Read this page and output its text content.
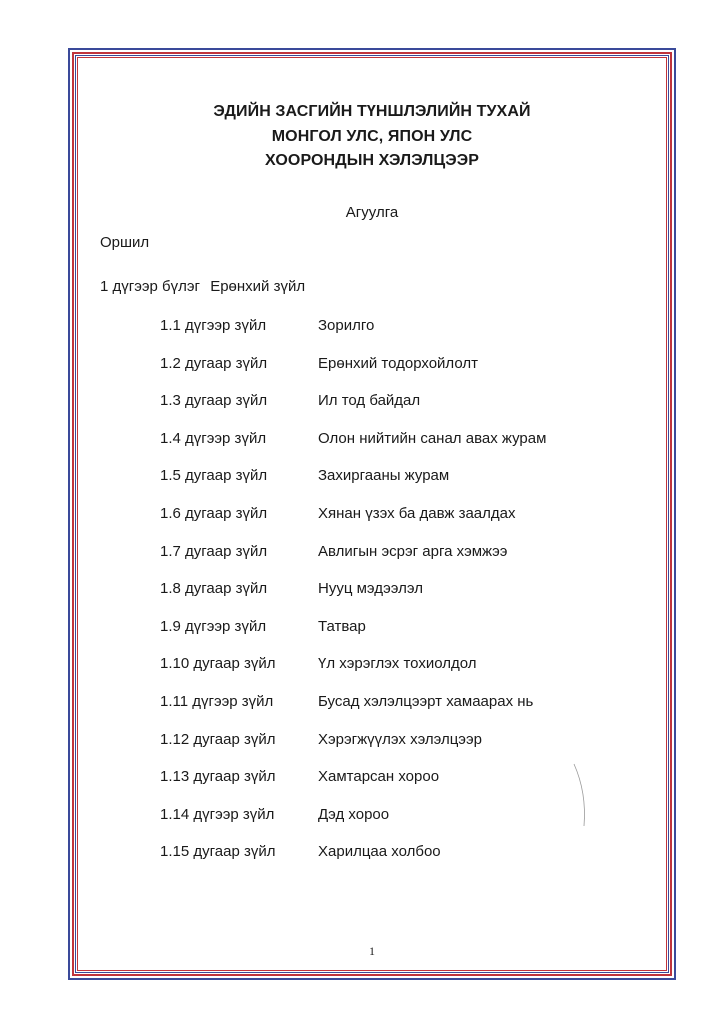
ЭДИЙН ЗАСГИЙН ТҮНШЛЭЛИЙН ТУХАЙ
МОНГОЛ УЛС, ЯПОН УЛС
ХООРОНДЫН ХЭЛЭЛЦЭЭР
Агуулга
Оршил
1 дүгээр бүлэг Ерөнхий зүйл
1.1 дүгээр зүйл	Зорилго
1.2 дугаар зүйл	Ерөнхий тодорхойлолт
1.3 дугаар зүйл	Ил тод байдал
1.4 дүгээр зүйл	Олон нийтийн санал авах журам
1.5 дугаар зүйл	Захиргааны журам
1.6 дугаар зүйл	Хянан үзэх ба давж заалдах
1.7 дугаар зүйл	Авлигын эсрэг арга хэмжээ
1.8 дугаар зүйл	Нууц мэдээлэл
1.9 дүгээр зүйл	Татвар
1.10 дугаар зүйл	Үл хэрэглэх тохиолдол
1.11 дүгээр зүйл	Бусад хэлэлцээрт хамаарах нь
1.12 дугаар зүйл	Хэрэгжүүлэх хэлэлцээр
1.13 дугаар зүйл	Хамтарсан хороо
1.14 дүгээр зүйл	Дэд хороо
1.15 дугаар зүйл	Харилцаа холбоо
1
